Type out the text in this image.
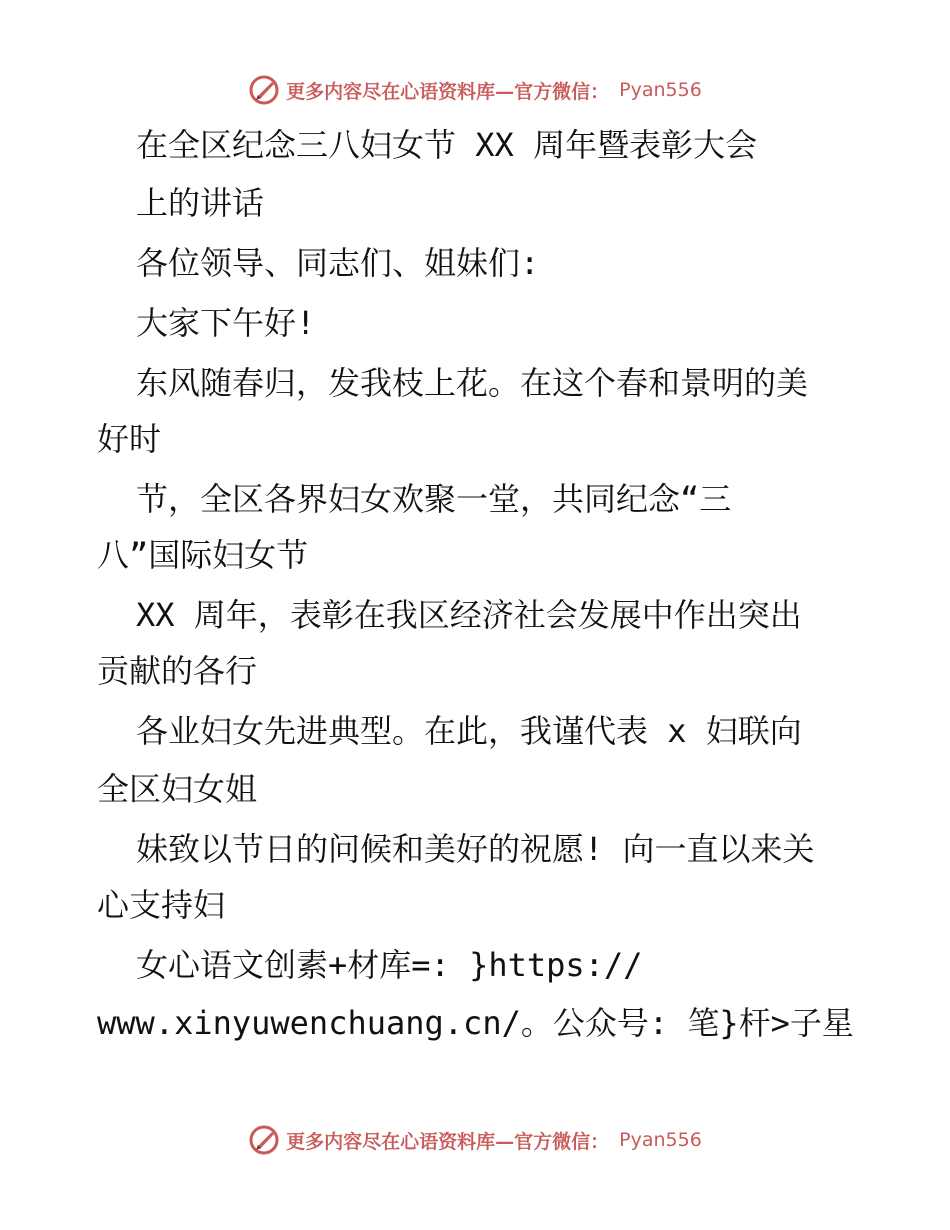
更多内容尽在心语资料库—官方微信： Pyan556
在全区纪念三八妇女节 XX 周年暨表彰大会
上的讲话
各位领导、同志们、姐妹们:
大家下午好!
东风随春归，发我枝上花。在这个春和景明的美
好时
节，全区各界妇女欢聚一堂，共同纪念“三
八”国际妇女节
XX 周年，表彰在我区经济社会发展中作出突出
贡献的各行
各业妇女先进典型。在此，我谨代表 x 妇联向
全区妇女姐
妹致以节日的问候和美好的祝愿! 向一直以来关
心支持妇
女心语文创素+材库=: }https://
www.xinyuwenchuang.cn/。公众号: 笔}杆>子星
更多内容尽在心语资料库—官方微信： Pyan556
